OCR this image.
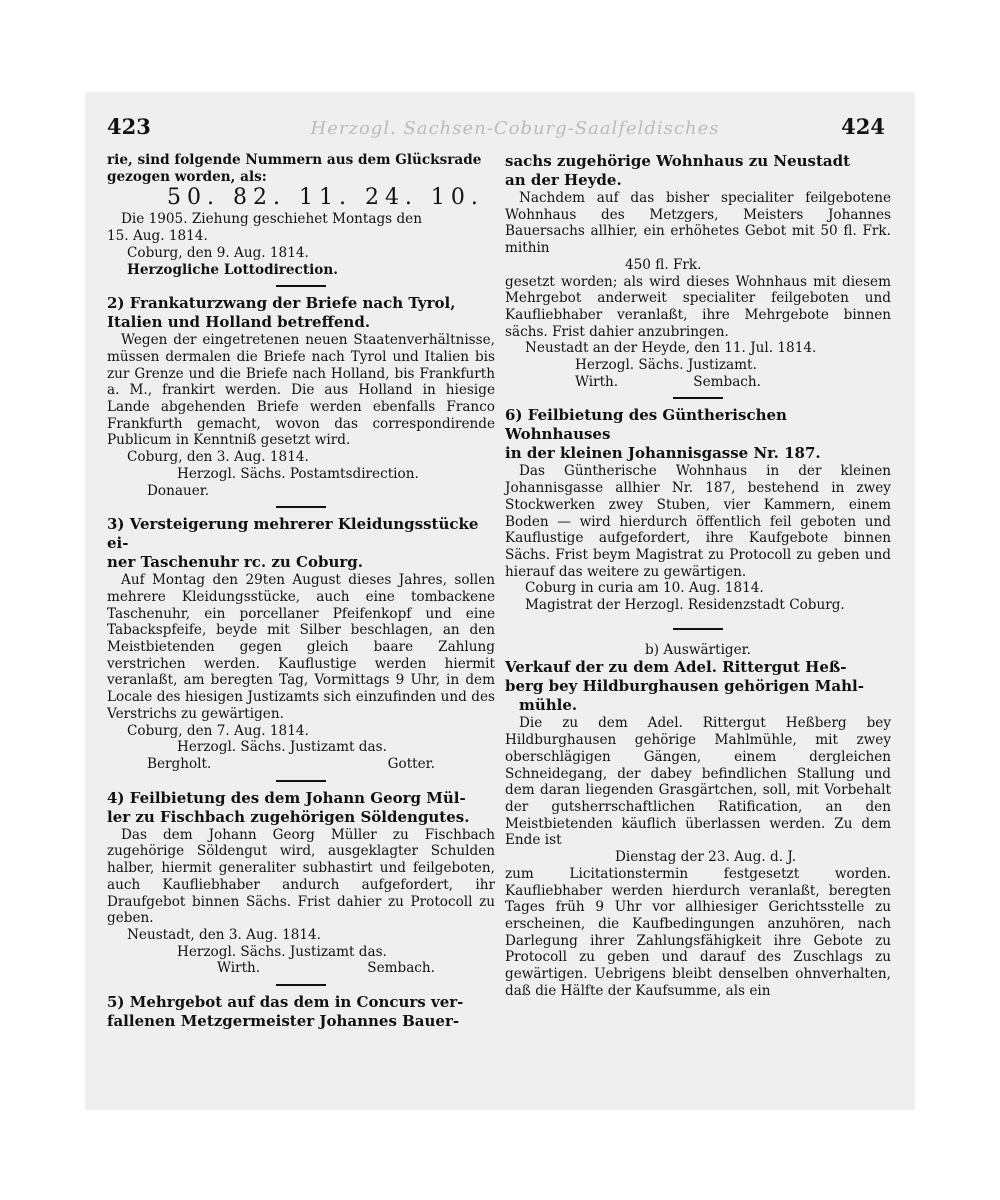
423	Herzogl. Sachsen-Coburg-Saalfeldisches	424

rie, sind folgende Nummern aus dem Glücksrade

gezogen worden, als:

50. 82. 11. 24. 10.

Die 1905. Ziehung geschiehet Montags den

15. Aug. 1814.

Coburg, den 9. Aug. 1814.

Herzogliche Lottodirection.

2) Frankaturzwang der Briefe nach Tyrol,

Italien und Holland betreffend.

Wegen der eingetretenen neuen Staatenverhältnisse, müssen dermalen die Briefe nach Tyrol und Italien bis zur Grenze und die Briefe nach Holland, bis Frankfurth a. M., frankirt werden. Die aus Holland in hiesige Lande abgehenden Briefe werden ebenfalls Franco Frankfurth gemacht, wovon das correspondirende Publicum in Kenntniß gesetzt wird.

Coburg, den 3. Aug. 1814.

Herzogl. Sächs. Postamtsdirection.

Donauer.

3) Versteigerung mehrerer Kleidungsstücke ei-

ner Taschenuhr rc. zu Coburg.

Auf Montag den 29ten August dieses Jahres, sollen mehrere Kleidungsstücke, auch eine tombackene Taschenuhr, ein porcellaner Pfeifenkopf und eine Tabackspfeife, beyde mit Silber beschlagen, an den Meistbietenden gegen gleich baare Zahlung verstrichen werden. Kauflustige werden hiermit veranlaßt, am beregten Tag, Vormittags 9 Uhr, in dem Locale des hiesigen Justizamts sich einzufinden und des Verstrichs zu gewärtigen.

Coburg, den 7. Aug. 1814.

Herzogl. Sächs. Justizamt das.

Bergholt.	Gotter.

4) Feilbietung des dem Johann Georg Mül-

ler zu Fischbach zugehörigen Söldengutes.

Das dem Johann Georg Müller zu Fischbach zugehörige Söldengut wird, ausgeklagter Schulden halber, hiermit generaliter subhastirt und feilgeboten, auch Kaufliebhaber andurch aufgefordert, ihr Draufgebot binnen Sächs. Frist dahier zu Protocoll zu geben.

Neustadt, den 3. Aug. 1814.

Herzogl. Sächs. Justizamt das.

Wirth.	Sembach.

5) Mehrgebot auf das dem in Concurs ver-

fallenen Metzgermeister Johannes Bauer-

sachs zugehörige Wohnhaus zu Neustadt

an der Heyde.

Nachdem auf das bisher specialiter feilgebotene Wohnhaus des Metzgers, Meisters Johannes Bauersachs allhier, ein erhöhetes Gebot mit 50 fl. Frk. mithin

450 fl. Frk.

gesetzt worden; als wird dieses Wohnhaus mit diesem Mehrgebot anderweit specialiter feilgeboten und Kaufliebhaber veranlaßt, ihre Mehrgebote binnen sächs. Frist dahier anzubringen.

Neustadt an der Heyde, den 11. Jul. 1814.

Herzogl. Sächs. Justizamt.

Wirth.	Sembach.

6) Feilbietung des Güntherischen Wohnhauses

in der kleinen Johannisgasse Nr. 187.

Das Güntherische Wohnhaus in der kleinen Johannisgasse allhier Nr. 187, bestehend in zwey Stockwerken zwey Stuben, vier Kammern, einem Boden — wird hierdurch öffentlich feil geboten und Kauflustige aufgefordert, ihre Kaufgebote binnen Sächs. Frist beym Magistrat zu Protocoll zu geben und hierauf das weitere zu gewärtigen.

Coburg in curia am 10. Aug. 1814.

Magistrat der Herzogl. Residenzstadt Coburg.

b) Auswärtiger.

Verkauf der zu dem Adel. Rittergut Heß-

berg bey Hildburghausen gehörigen Mahl-

mühle.

Die zu dem Adel. Rittergut Heßberg bey Hildburghausen gehörige Mahlmühle, mit zwey oberschlägigen Gängen, einem dergleichen Schneidegang, der dabey befindlichen Stallung und dem daran liegenden Grasgärtchen, soll, mit Vorbehalt der gutsherrschaftlichen Ratification, an den Meistbietenden käuflich überlassen werden. Zu dem Ende ist

Dienstag der 23. Aug. d. J.

zum Licitationstermin festgesetzt worden. Kaufliebhaber werden hierdurch veranlaßt, beregten Tages früh 9 Uhr vor allhiesiger Gerichtsstelle zu erscheinen, die Kaufbedingungen anzuhören, nach Darlegung ihrer Zahlungsfähigkeit ihre Gebote zu Protocoll zu geben und darauf des Zuschlags zu gewärtigen. Uebrigens bleibt denselben ohnverhalten, daß die Hälfte der Kaufsumme, als ein
